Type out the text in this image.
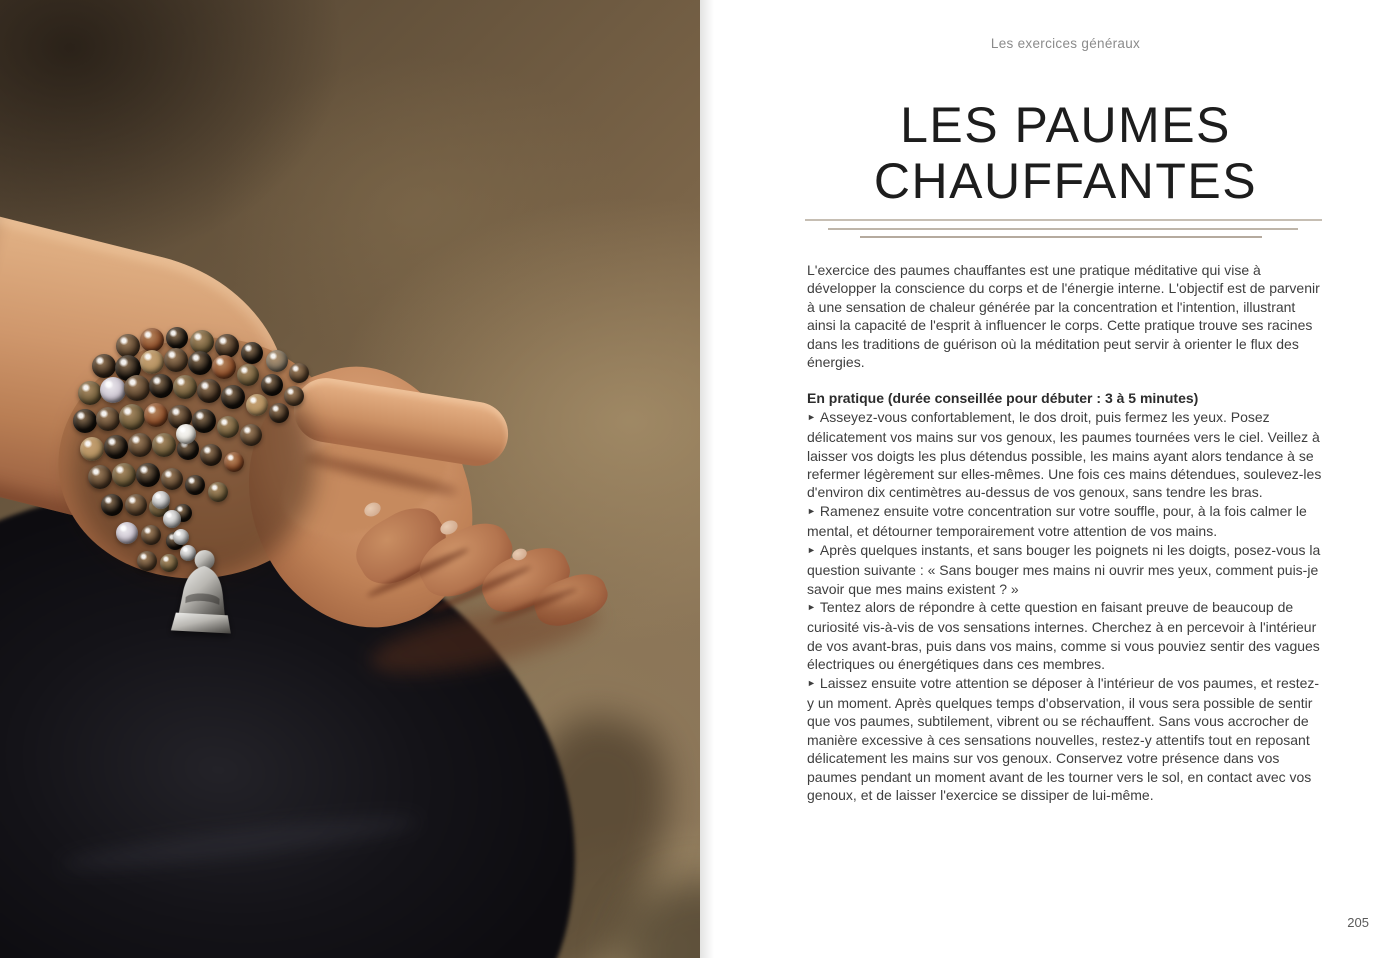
Les exercices généraux
LES PAUMES
CHAUFFANTES

L'exercice des paumes chauffantes est une pratique méditative qui vise à développer la conscience du corps et de l'énergie interne. L'objectif est de parvenir à une sensation de chaleur générée par la concentration et l'intention, illustrant ainsi la capacité de l'esprit à influencer le corps. Cette pratique trouve ses racines dans les traditions de guérison où la méditation peut servir à orienter le flux des énergies.

En pratique (durée conseillée pour débuter : 3 à 5 minutes)

► Asseyez-vous confortablement, le dos droit, puis fermez les yeux. Posez délicatement vos mains sur vos genoux, les paumes tournées vers le ciel. Veillez à laisser vos doigts les plus détendus possible, les mains ayant alors tendance à se refermer légèrement sur elles-mêmes. Une fois ces mains détendues, soulevez-les d'environ dix centimètres au-dessus de vos genoux, sans tendre les bras.

► Ramenez ensuite votre concentration sur votre souffle, pour, à la fois calmer le mental, et détourner temporairement votre attention de vos mains.

► Après quelques instants, et sans bouger les poignets ni les doigts, posez-vous la question suivante : « Sans bouger mes mains ni ouvrir mes yeux, comment puis-je savoir que mes mains existent ? »

► Tentez alors de répondre à cette question en faisant preuve de beaucoup de curiosité vis-à-vis de vos sensations internes. Cherchez à en percevoir à l'intérieur de vos avant-bras, puis dans vos mains, comme si vous pouviez sentir des vagues électriques ou énergétiques dans ces membres.

► Laissez ensuite votre attention se déposer à l'intérieur de vos paumes, et restez-y un moment. Après quelques temps d'observation, il vous sera possible de sentir que vos paumes, subtilement, vibrent ou se réchauffent. Sans vous accrocher de manière excessive à ces sensations nouvelles, restez-y attentifs tout en reposant délicatement les mains sur vos genoux. Conservez votre présence dans vos paumes pendant un moment avant de les tourner vers le sol, en contact avec vos genoux, et de laisser l'exercice se dissiper de lui-même.

205
